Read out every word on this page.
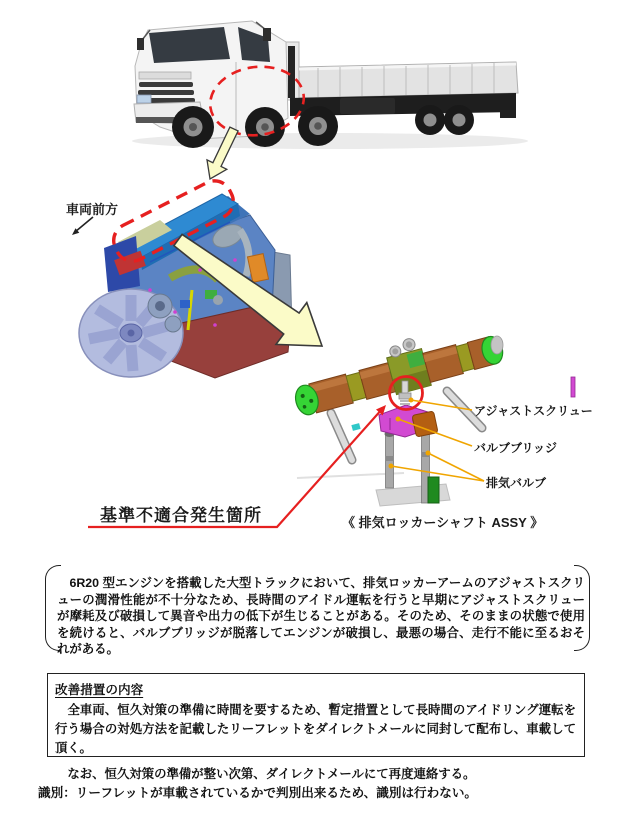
車両前方
アジャストスクリュー
バルブブリッジ
排気バルブ
基準不適合発生箇所	《 排気ロッカーシャフト ASSY 》
　6R20 型エンジンを搭載した大型トラックにおいて、排気ロッカーアームのアジャストスクリューの潤滑性能が不十分なため、長時間のアイドル運転を行うと早期にアジャストスクリューが摩耗及び破損して異音や出力の低下が生じることがある。そのため、そのままの状態で使用を続けると、バルブブリッジが脱落してエンジンが破損し、最悪の場合、走行不能に至るおそれがある。
改善措置の内容

　全車両、恒久対策の準備に時間を要するため、暫定措置として長時間のアイドリング運転を行う場合の対処方法を記載したリーフレットをダイレクトメールに同封して配布し、車載して頂く。

　なお、恒久対策の準備が整い次第、ダイレクトメールにて再度連絡する。

識別：リーフレットが車載されているかで判別出来るため、識別は行わない。
